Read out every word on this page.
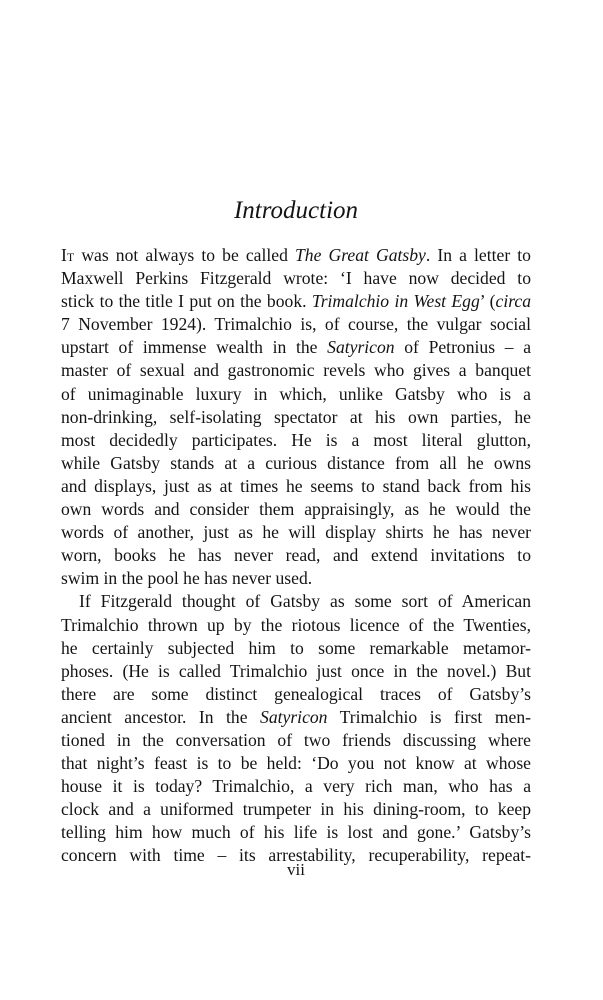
Introduction
It was not always to be called The Great Gatsby. In a letter to
Maxwell Perkins Fitzgerald wrote: ‘I have now decided to
stick to the title I put on the book. Trimalchio in West Egg’ (circa
7 November 1924). Trimalchio is, of course, the vulgar social
upstart of immense wealth in the Satyricon of Petronius – a
master of sexual and gastronomic revels who gives a banquet
of unimaginable luxury in which, unlike Gatsby who is a
non-drinking, self-isolating spectator at his own parties, he
most decidedly participates. He is a most literal glutton,
while Gatsby stands at a curious distance from all he owns
and displays, just as at times he seems to stand back from his
own words and consider them appraisingly, as he would the
words of another, just as he will display shirts he has never
worn, books he has never read, and extend invitations to
swim in the pool he has never used.
If Fitzgerald thought of Gatsby as some sort of American
Trimalchio thrown up by the riotous licence of the Twenties,
he certainly subjected him to some remarkable metamor-
phoses. (He is called Trimalchio just once in the novel.) But
there are some distinct genealogical traces of Gatsby’s
ancient ancestor. In the Satyricon Trimalchio is first men-
tioned in the conversation of two friends discussing where
that night’s feast is to be held: ‘Do you not know at whose
house it is today? Trimalchio, a very rich man, who has a
clock and a uniformed trumpeter in his dining-room, to keep
telling him how much of his life is lost and gone.’ Gatsby’s
concern with time – its arrestability, recuperability, repeat-
vii
